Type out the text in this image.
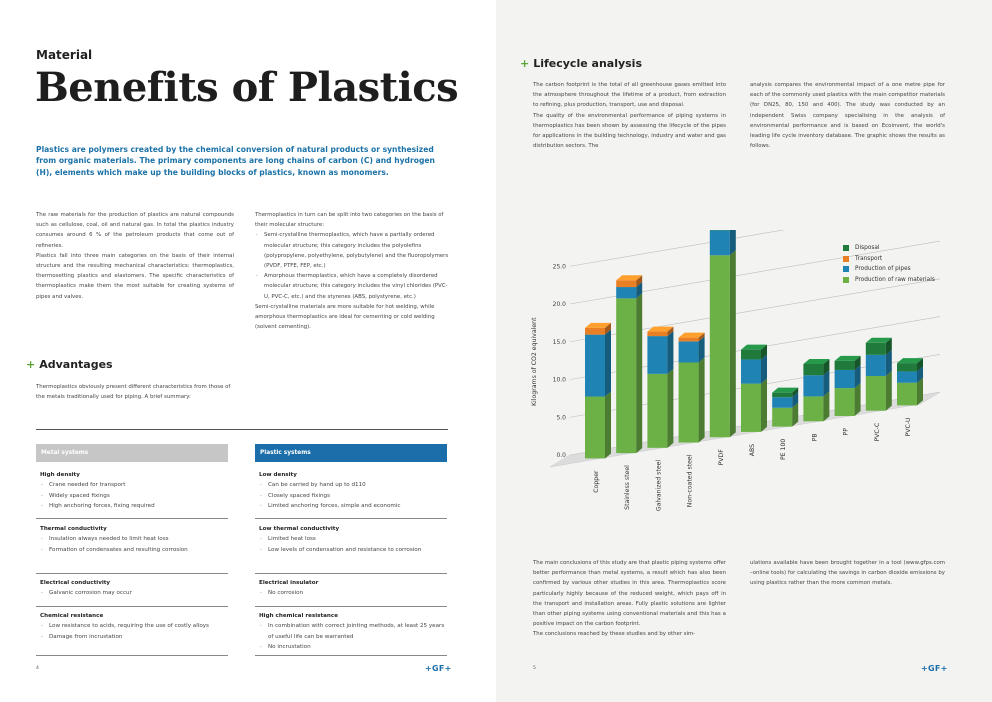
Material
Benefits of Plastics
Plastics are polymers created by the chemical conversion of natural products or synthesized from organic materials. The primary components are long chains of carbon (C) and hydrogen (H), elements which make up the building blocks of plastics, known as monomers.

The raw materials for the production of plastics are natural compounds such as cellulose, coal, oil and natural gas. In total the plastics industry consumes around 6 % of the petroleum products that come out of refineries.

Plastics fall into three main categories on the basis of their internal structure and the resulting mechanical characteristics: thermoplastics, thermosetting plastics and elastomers. The specific characteristics of thermoplastics make them the most suitable for creating systems of pipes and valves.

Thermoplastics in turn can be split into two categories on the basis of their molecular structure:

· Semi-crystalline thermoplastics, which have a partially ordered molecular structure; this category includes the polyolefins (polypropylene, polyethylene, polybutylene) and the fluoropolymers (PVDF, PTFE, FEP, etc.)

· Amorphous thermoplastics, which have a completely disordered molecular structure; this category includes the vinyl chlorides (PVC-U, PVC-C, etc.) and the styrenes (ABS, polystyrene, etc.)

Semi-crystalline materials are more suitable for hot welding, while amorphous thermoplastics are ideal for cementing or cold welding (solvent cementing).

+ Advantages
Thermoplastics obviously present different characteristics from those of the metals traditionally used for piping. A brief summary:
Metal systems	Plastic systems
High density
· Crane needed for transport
· Widely spaced fixings
· High anchoring forces, fixing required
Thermal conductivity
· Insulation always needed to limit heat loss
· Formation of condensates and resulting corrosion
Electrical conductivity
· Galvanic corrosion may occur
Chemical resistance
· Low resistance to acids, requiring the use of costly alloys
· Damage from incrustation
Low density
· Can be carried by hand up to d110
· Closely spaced fixings
· Limited anchoring forces, simple and economic
Low thermal conductivity
· Limited heat loss
· Low levels of condensation and resistance to corrosion
Electrical insulator
· No corrosion
High chemical resistance
· In combination with correct jointing methods, at least 25 years of useful life can be warranted
· No incrustation
4	+GF+
+ Lifecycle analysis

The carbon footprint is the total of all greenhouse gases emitted into the atmosphere throughout the lifetime of a product, from extraction to refining, plus production, transport, use and disposal.

The quality of the environmental performance of piping systems in thermoplastics has been shown by assessing the lifecycle of the pipes for applications in the building technology, industry and water and gas distribution sectors. The

analysis compares the environmental impact of a one metre pipe for each of the commonly used plastics with the main competitor materials (for DN25, 80, 150 and 400). The study was conducted by an independent Swiss company specialising in the analysis of environmental performance and is based on Ecoinvent, the world's leading life cycle inventory database. The graphic shows the results as follows.
0.0
5.0
10.0
15.0
20.0
25.0
Kilograms of CO2 equivalent
Copper	Stainless steel	Galvanized steel	Non-coated steel	PVDF	ABS	PE 100
PB
PP	PVC-C	PVC-U
Disposal
Transport
Production of pipes
Production of raw materials

The main conclusions of this study are that plastic piping systems offer better performance than metal systems, a result which has also been confirmed by various other studies in this area. Thermoplastics score particularly highly because of the reduced weight, which pays off in the transport and installation areas. Fully plastic solutions are lighter than other piping systems using conventional materials and this has a positive impact on the carbon footprint.

The conclusions reached by these studies and by other sim-

ulations available have been brought together in a tool (www.gfps.com –online tools) for calculating the savings in carbon dioxide emissions by using plastics rather than the more common metals.
5	+GF+
